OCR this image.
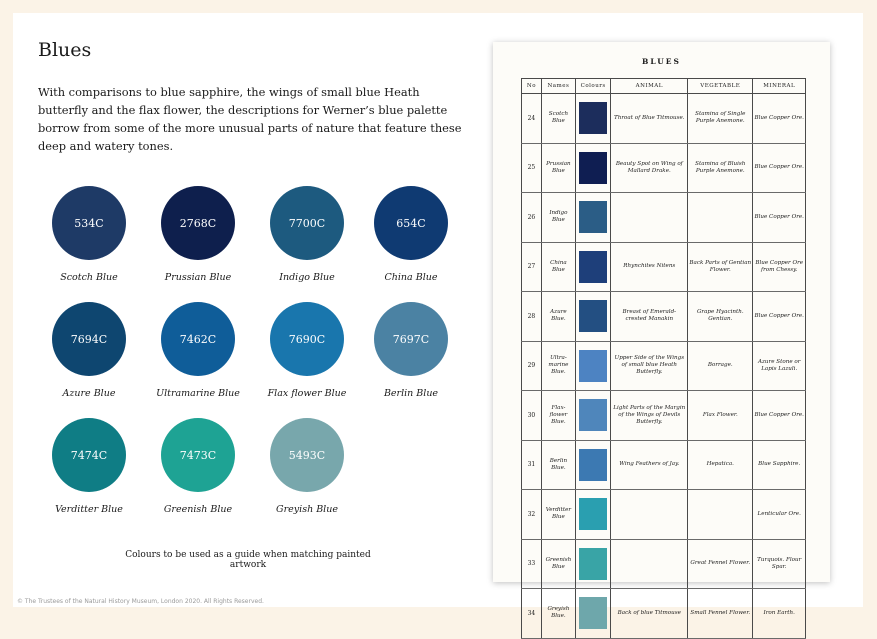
Blues

With comparisons to blue sapphire, the wings of small blue Heath butterfly and the flax flower, the descriptions for Werner’s blue palette borrow from some of the more unusual parts of nature that feature these deep and watery tones.

534C
Scotch Blue
2768C
Prussian Blue
7700C
Indigo Blue
654C
China Blue
7694C
Azure Blue
7462C
Ultramarine Blue
7690C
Flax flower Blue
7697C
Berlin Blue
7474C
Verditter Blue
7473C
Greenish Blue
5493C
Greyish Blue
Colours to be used as a guide when matching painted artwork
© The Trustees of the Natural History Museum, London 2020. All Rights Reserved.
BLUES
No	Names	Colours	ANIMAL	VEGETABLE	MINERAL
24	Scotch Blue		Throat of Blue Titmouse.	Stamina of Single Purple Anemone.	Blue Copper Ore.
25	Prussian Blue		Beauty Spot on Wing of Mallard Drake.	Stamina of Bluish Purple Anemone.	Blue Copper Ore.
26	Indigo Blue				Blue Copper Ore.
27	China Blue		Rhynchites Nitens	Back Parts of Gentian Flower.	Blue Copper Ore from Chessy.
28	Azure Blue.		Breast of Emerald-crested Manakin	Grape Hyacinth. Gentian.	Blue Copper Ore.
29	Ultra-marine Blue.		Upper Side of the Wings of small blue Heath Butterfly.	Borrage.	Azure Stone or Lapis Lazuli.
30	Flax-flower Blue.		Light Parts of the Margin of the Wings of Devils Butterfly.	Flax Flower.	Blue Copper Ore.
31	Berlin Blue.		Wing Feathers of Jay.	Hepatica.	Blue Sapphire.
32	Verditter Blue				Lenticular Ore.
33	Greenish Blue			Great Fennel Flower.	Turquois. Flour Spar.
34	Greyish Blue.		Back of blue Titmouse	Small Fennel Flower.	Iron Earth.
